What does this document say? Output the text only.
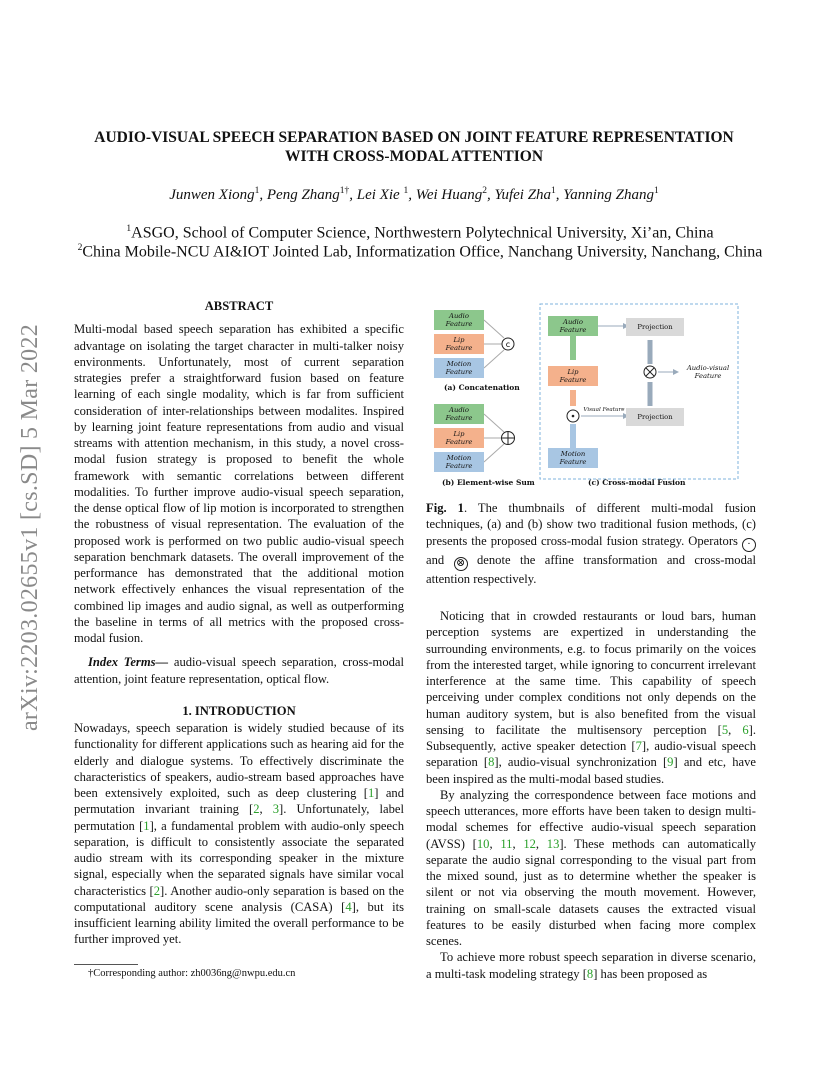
arXiv:2203.02655v1 [cs.SD] 5 Mar 2022
AUDIO-VISUAL SPEECH SEPARATION BASED ON JOINT FEATURE REPRESENTATION
WITH CROSS-MODAL ATTENTION
Junwen Xiong$^1$, Peng Zhang$^{1\dagger}$, Lei Xie $^1$, Wei Huang$^2$, Yufei Zha$^1$, Yanning Zhang$^1$
$^1$ASGO, School of Computer Science, Northwestern Polytechnical University, Xi’an, China
$^2$China Mobile-NCU AI&IOT Jointed Lab, Informatization Office, Nanchang University, Nanchang, China
ABSTRACT

Multi-modal based speech separation has exhibited a specific advantage on isolating the target character in multi-talker noisy environments. Unfortunately, most of current separation strategies prefer a straightforward fusion based on feature learning of each single modality, which is far from sufficient consideration of inter-relationships between modalites. Inspired by learning joint feature representations from audio and visual streams with attention mechanism, in this study, a novel cross-modal fusion strategy is proposed to benefit the whole framework with semantic correlations between different modalities. To further improve audio-visual speech separation, the dense optical flow of lip motion is incorporated to strengthen the robustness of visual representation. The evaluation of the proposed work is performed on two public audio-visual speech separation benchmark datasets. The overall improvement of the performance has demonstrated that the additional motion network effectively enhances the visual representation of the combined lip images and audio signal, as well as outperforming the baseline in terms of all metrics with the proposed cross-modal fusion.

Index Terms— audio-visual speech separation, cross-modal attention, joint feature representation, optical flow.

1. INTRODUCTION

Nowadays, speech separation is widely studied because of its functionality for different applications such as hearing aid for the elderly and dialogue systems. To effectively discriminate the characteristics of speakers, audio-stream based approaches have been extensively exploited, such as deep clustering [1] and permutation invariant training [2, 3]. Unfortunately, label permutation [1], a fundamental problem with audio-only speech separation, is difficult to consistently associate the separated audio stream with its corresponding speaker in the mixture signal, especially when the separated signals have similar vocal characteristics [2]. Another audio-only separation is based on the computational auditory scene analysis (CASA) [4], but its insufficient learning ability limited the overall performance to be further improved yet.

†Corresponding author: zh0036ng@nwpu.edu.cn
c
Audio
Feature
Lip
Feature
Motion
Feature
(a) Concatenation
Audio
Feature
Lip
Feature
Motion
Feature
(b) Element-wise Sum
Audio
Feature
Lip
Feature
Motion
Feature
Projection
Projection
Visual Feature
Audio-visual
Feature
(c) Cross-modal Fusion
Fig. 1. The thumbnails of different multi-modal fusion techniques, (a) and (b) show two traditional fusion methods, (c) presents the proposed cross-modal fusion strategy. Operators · and ⊗ denote the affine transformation and cross-modal attention respectively.

Noticing that in crowded restaurants or loud bars, human perception systems are expertized in understanding the surrounding environments, e.g. to focus primarily on the voices from the interested target, while ignoring to concurrent irrelevant interference at the same time. This capability of speech perceiving under complex conditions not only depends on the human auditory system, but is also benefited from the visual sensing to facilitate the multisensory perception [5, 6]. Subsequently, active speaker detection [7], audio-visual speech separation [8], audio-visual synchronization [9] and etc, have been inspired as the multi-modal based studies.

By analyzing the correspondence between face motions and speech utterances, more efforts have been taken to design multi-modal schemes for effective audio-visual speech separation (AVSS) [10, 11, 12, 13]. These methods can automatically separate the audio signal corresponding to the visual part from the mixed sound, just as to determine whether the speaker is silent or not via observing the mouth movement. However, training on small-scale datasets causes the extracted visual features to be easily disturbed when facing more complex scenes.

To achieve more robust speech separation in diverse scenario, a multi-task modeling strategy [8] has been proposed as
